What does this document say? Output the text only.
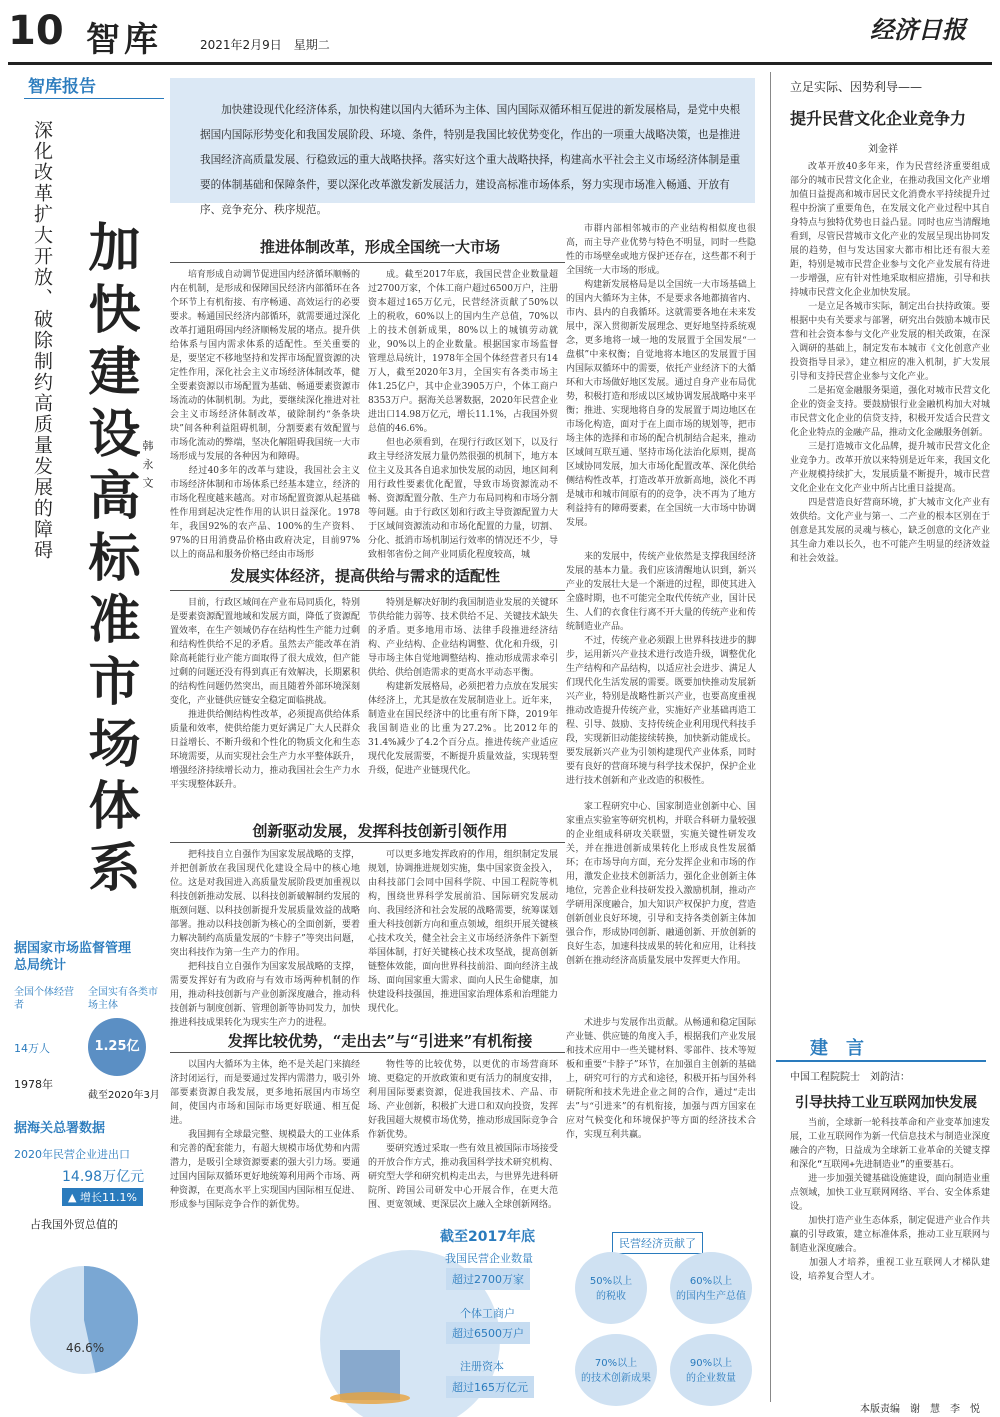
10 智库	2021年2月9日　星期二
经济日报
智库报告
深化改革扩大开放、破除制约高质量发展的障碍 加快建设高标准市场体系 韩 永 文

加快建设现代化经济体系，加快构建以国内大循环为主体、国内国际双循环相互促进的新发展格局，是党中央根据国内国际形势变化和我国发展阶段、环境、条件，特别是我国比较优势变化，作出的一项重大战略决策，也是推进我国经济高质量发展、行稳致远的重大战略抉择。落实好这个重大战略抉择，构建高水平社会主义市场经济体制是重要的体制基础和保障条件，要以深化改革激发新发展活力，建设高标准市场体系，努力实现市场准入畅通、开放有序、竞争充分、秩序规范。

推进体制改革，形成全国统一大市场

培育形成自动调节促进国内经济循环顺畅的内在机制，是形成和保障国民经济内部循环在各个环节上有机衔接、有序畅通、高效运行的必要要求。畅通国民经济内部循环，就需要通过深化改革打通阻碍国内经济顺畅发展的堵点。提升供给体系与国内需求体系的适配性。至关重要的是，要坚定不移地坚持和发挥市场配置资源的决定性作用，深化社会主义市场经济体制改革，健全要素资源以市场配置为基础、畅通要素资源市场流动的体制机制。为此，要继续深化推进对社会主义市场经济体制改革，破除制约“条条块块”间各种利益阻碍机制，分割要素有效配置与市场化流动的弊端，坚决化解阻碍我国统一大市场形成与发展的各种因为和障碍。
　　经过40多年的改革与建设，我国社会主义市场经济体制和市场体系已经基本建立，经济的市场化程度越来越高。对市场配置资源从起基础性作用到起决定性作用的认识日益深化。1978年，我国92%的农产品、100%的生产资料、97%的日用消费品价格由政府决定，目前97%以上的商品和服务价格已经由市场形

成。截至2017年底，我国民营企业数量超过2700万家，个体工商户超过6500万户，注册资本超过165万亿元，民营经济贡献了50%以上的税收，60%以上的国内生产总值，70%以上的技术创新成果，80%以上的城镇劳动就业，90%以上的企业数量。根据国家市场监督管理总局统计，1978年全国个体经营者只有14万人，截至2020年3月，全国实有各类市场主体1.25亿户，其中企业3905万户，个体工商户8353万户。据海关总署数据，2020年民营企业进出口14.98万亿元，增长11.1%，占我国外贸总值的46.6%。
　　但也必须看到，在现行行政区划下，以及行政主导经济发展力量仍然很强的机制下，地方本位主义及其各自追求加快发展的动因，地区间利用行政性要素优化配置，导致市场资源流动不畅、资源配置分散、生产力布局同构和市场分割等问题。由于行政区划和行政主导资源配置力大于区域间资源流动和市场化配置的力量，切割、分化、抵消市场机制运行效率的情况还不少，导致相邻省份之间产业同质化程度较高，城

市群内部相邻城市的产业结构相似度也很高，而主导产业优势与特色不明显，同时一些隐性的市场壁垒或地方保护还存在，这些都不利于全国统一大市场的形成。
　　构建新发展格局是以全国统一大市场基础上的国内大循环为主体，不是要求各地都搞省内、市内、县内的自我循环。这就需要各地在未来发展中，深入贯彻新发展理念、更好地坚持系统观念，更多地将一域一地的发展置于全国发展“一盘棋”中来权衡；自觉地将本地区的发展置于国内国际双循环中的需要，依托产业经济下的大循环和大市场做好地区发展。通过自身产业布局优势，积极打造和形成以区域协调发展战略中来平衡；推进、实现地将自身的发展置于周边地区在市场化构造，面对于在上面市场的规划等，把市场主体的选择和市场的配合机制结合起来，推动区域间互联互通、坚持市场化法治化原则，提高区域协同发展，加大市场化配置改革、深化供给侧结构性改革，打造改革开放新高地，淡化不再是城市和城市间原有的的竞争，决不再为了地方利益持有的障碍要素，在全国统一大市场中协调发展。

发展实体经济，提高供给与需求的适配性

目前，行政区域间在产业布局同质化，特别是要素资源配置地域和发展方面，降低了资源配置效率，在生产领域仍存在结构性生产能力过剩和结构性供给不足的矛盾。虽然去产能改革在消除高耗能行业产能方面取得了很大成效，但产能过剩的问题还没有得到真正有效解决，长期累积的结构性问题仍然突出，而且随着外部环境深刻变化，产业链供应链安全稳定面临挑战。
　　推进供给侧结构性改革，必须提高供给体系质量和效率，使供给能力更好满足广大人民群众日益增长、不断升级和个性化的物质文化和生态环境需要，从而实现社会生产力水平整体跃升，增强经济持续增长动力，推动我国社会生产力水平实现整体跃升。

特别是解决好制约我国制造业发展的关键环节供给能力弱等、技术供给不足、关键技术缺失的矛盾。更多地用市场、法律手段推进经济结构、产业结构、企业结构调整、优化和升级，引导市场主体自觉地调整结构、推动形成需求牵引供给、供给创造需求的更高水平动态平衡。
　　构建新发展格局，必须把着力点放在发展实体经济上，尤其是放在发展制造业上。近年来，制造业在国民经济中的比重有所下降，2019年我国制造业的比重为27.2%。比2012年的31.4%减少了4.2个百分点。推进传统产业适应现代化发展需要，不断提升质量效益，实现转型升级，促进产业链现代化。

来的发展中，传统产业依然是支撑我国经济发展的基本力量。我们应该清醒地认识到，新兴产业的发展壮大是一个渐进的过程，即使其进入全盛时期，也不可能完全取代传统产业，国计民生、人们的衣食住行离不开大量的传统产业和传统制造业产品。
　　不过，传统产业必须跟上世界科技进步的脚步，运用新兴产业技术进行改造升级，调整优化生产结构和产品结构，以适应社会进步、满足人们现代化生活发展的需要。既要加快推动发展新兴产业，特别是战略性新兴产业，也要高度重视推动改造提升传统产业，实施好产业基础再造工程、引导、鼓励、支持传统企业利用现代科技手段，实现新旧动能接续转换，加快新动能成长。要发展新兴产业为引领构建现代产业体系，同时要有良好的营商环境与科学技术保护，保护企业进行技术创新和产业改造的积极性。

创新驱动发展，发挥科技创新引领作用

把科技自立自强作为国家发展战略的支撑，并把创新放在我国现代化建设全局中的核心地位。这是对我国进入高质量发展阶段更加重视以科技创新推动发展、以科技创新破解制约发展的瓶颈问题、以科技创新提升发展质量效益的战略部署。推动以科技创新为核心的全面创新，要着力解决制约高质量发展的“卡脖子”等突出问题，突出科技作为第一生产力的作用。
　　把科技自立自强作为国家发展战略的支撑，需要发挥好有为政府与有效市场两种机制的作用，推动科技创新与产业创新深度融合，推动科技创新与制度创新、管理创新等协同发力，加快推进科技成果转化为现实生产力的进程。

可以更多地发挥政府的作用，组织制定发展规划，协调推进规划实施，集中国家资金投入，由科技部门会同中国科学院、中国工程院等机构，围绕世界科学发展前沿、国际研究发展动向、我国经济和社会发展的战略需要，统筹谋划重大科技创新方向和重点领域，组织开展关键核心技术攻关，健全社会主义市场经济条件下新型举国体制，打好关键核心技术攻坚战，提高创新链整体效能，面向世界科技前沿、面向经济主战场、面向国家重大需求、面向人民生命健康，加快建设科技强国，推进国家治理体系和治理能力现代化。

家工程研究中心、国家制造业创新中心、国家重点实验室等研究机构，并联合科研力量较强的企业组成科研攻关联盟，实施关键性研发攻关，并在推进创新成果转化上形成良性发展循环；在市场导向方面，充分发挥企业和市场的作用，激发企业技术创新活力，强化企业创新主体地位，完善企业科技研发投入激励机制，推动产学研用深度融合，加大知识产权保护力度，营造创新创业良好环境，引导和支持各类创新主体加强合作，形成协同创新、融通创新、开放创新的良好生态，加速科技成果的转化和应用，让科技创新在推动经济高质量发展中发挥更大作用。

发挥比较优势，“走出去”与“引进来”有机衔接

以国内大循环为主体，绝不是关起门来搞经济封闭运行，而是要通过发挥内需潜力，吸引外部要素资源自我发展，更多地拓展国内市场空间，使国内市场和国际市场更好联通、相互促进。
　　我国拥有全球最完整、规模最大的工业体系和完善的配套能力，有超大规模市场优势和内需潜力，是吸引全球资源要素的强大引力场。要通过国内国际双循环更好地统筹利用两个市场、两种资源，在更高水平上实现国内国际相互促进、形成参与国际竞争合作的新优势。

物性等的比较优势，以更优的市场营商环境、更稳定的开放政策和更有活力的制度安排，利用国际要素资源，促进我国技术、产品、市场、产业创新，积极扩大进口和双向投资，发挥好我国超大规模市场优势，推动形成国际竞争合作新优势。
　　要研究透过采取一些有效且被国际市场接受的开放合作方式，推动我国科学技术研究机构、研究型大学和研究机构走出去，与世界先进科研院所、跨国公司研发中心开展合作，在更大范围、更宽领域、更深层次上融入全球创新网络。

术进步与发展作出贡献。从畅通和稳定国际产业链、供应链的角度入手，根据我们产业发展和技术应用中一些关键材料、零部件、技术等短板和重要“卡脖子”环节，在加强自主创新的基础上，研究可行的方式和途径，积极开拓与国外科研院所和技术先进企业之间的合作，通过“走出去”与“引进来”的有机衔接，加强与西方国家在应对气候变化和环境保护等方面的经济技术合作，实现互利共赢。

据国家市场监督管理总局统计
全国个体经营者
全国实有各类市场主体
14万人	1.25亿户
1978年
截至2020年3月
据海关总署数据
2020年民营企业进出口
14.98万亿元
▲ 增长11.1%
占我国外贸总值的
46.6%
截至2017年底
我国民营企业数量
超过2700万家
个体工商户
超过6500万户
注册资本
超过165万亿元
民营经济贡献了
50%以上
的税收
60%以上
的国内生产总值
70%以上
的技术创新成果
90%以上
的企业数量
立足实际、因势利导——
提升民营文化企业竞争力
刘金祥

改革开放40多年来，作为民营经济重要组成部分的城市民营文化企业，在推动我国文化产业增加值日益提高和城市居民文化消费水平持续提升过程中扮演了重要角色，在发展文化产业过程中其自身特点与独特优势也日益凸显。同时也应当清醒地看到，尽管民营城市文化产业的发展呈现出协同发展的趋势，但与发达国家大都市相比还有很大差距，特别是城市民营企业参与文化产业发展有待进一步增强，应有针对性地采取相应措施，引导和扶持城市民营文化企业加快发展。
　　一是立足各城市实际，制定出台扶持政策。要根据中央有关要求与部署，研究出台鼓励本城市民营和社会资本参与文化产业发展的相关政策，在深入调研的基础上，制定发布本城市《文化创意产业投资指导目录》，建立相应的准入机制，扩大发展引导和支持民营企业参与文化产业。
　　二是拓宽金融服务渠道，强化对城市民营文化企业的资金支持。要鼓励银行业金融机构加大对城市民营文化企业的信贷支持，积极开发适合民营文化企业特点的金融产品，推动文化金融服务创新。
　　三是打造城市文化品牌，提升城市民营文化企业竞争力。改革开放以来特别是近年来，我国文化产业规模持续扩大，发展质量不断提升，城市民营文化企业在文化产业中所占比重日益提高。
　　四是营造良好营商环境，扩大城市文化产业有效供给。文化产业与第一、二产业的根本区别在于创意是其发展的灵魂与核心，缺乏创意的文化产业其生命力难以长久，也不可能产生明显的经济效益和社会效益。

建　言
中国工程院院士　刘韵洁：
引导扶持工业互联网加快发展

当前，全球新一轮科技革命和产业变革加速发展，工业互联网作为新一代信息技术与制造业深度融合的产物，日益成为全球新工业革命的关键支撑和深化“互联网+先进制造业”的重要基石。
　　进一步加强关键基础设施建设，面向制造业重点领域，加快工业互联网网络、平台、安全体系建设。
　　加快打造产业生态体系，制定促进产业合作共赢的引导政策，建立标准体系，推动工业互联网与制造业深度融合。
　　加强人才培养，重视工业互联网人才梯队建设，培养复合型人才。

本版责编　谢　慧　李　悦
